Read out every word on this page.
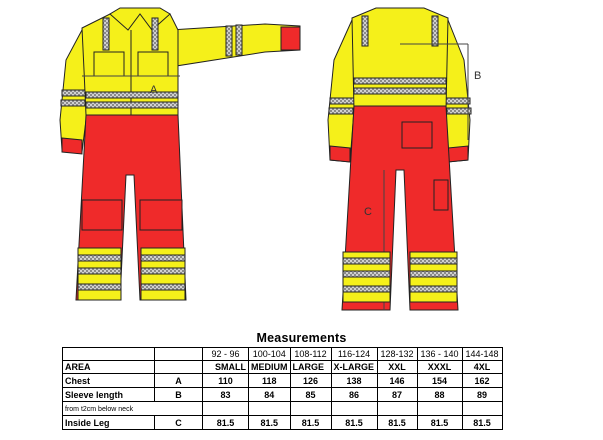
A
B
C
Measurements
		92 - 96	100-104	108-112	116-124	128-132	136 - 140	144-148
AREA		SMALL	MEDIUM	LARGE	X-LARGE	XXL	XXXL	4XL
Chest	A	110	118	126	138	146	154	162
Sleeve length	B	83	84	85	86	87	88	89
from t2cm below neck								
Inside Leg	C	81.5	81.5	81.5	81.5	81.5	81.5	81.5
